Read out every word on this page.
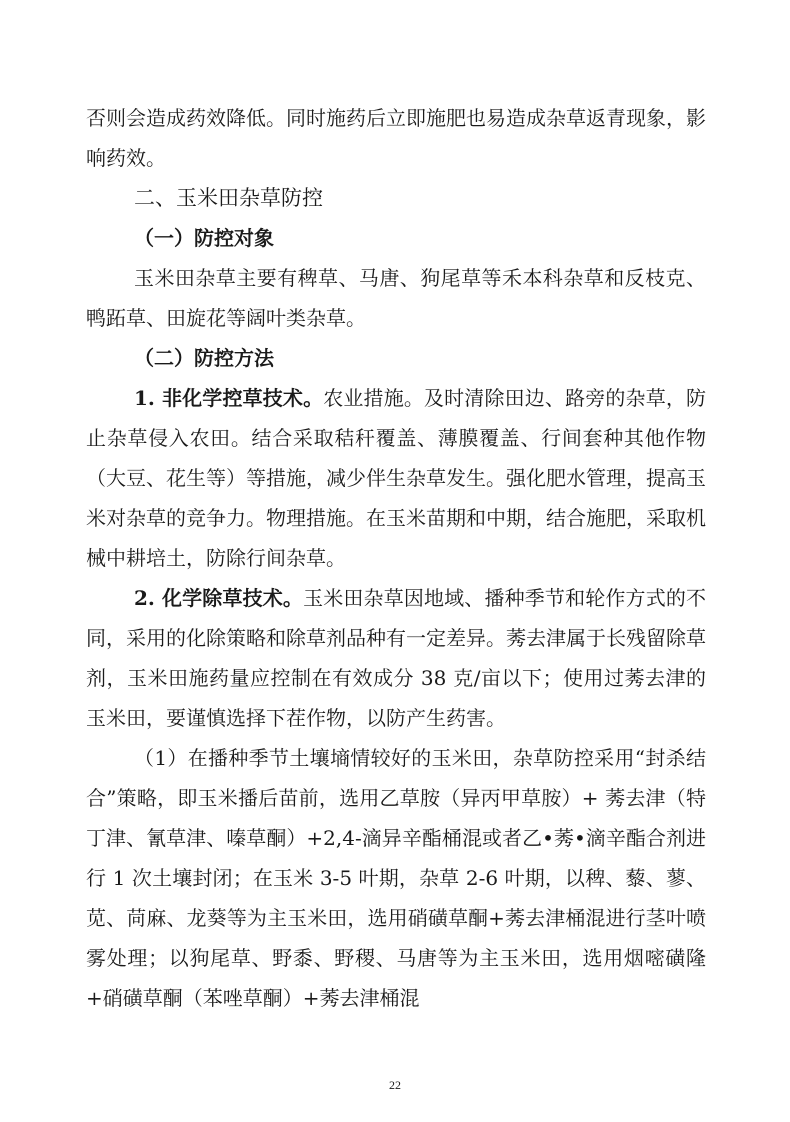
否则会造成药效降低。同时施药后立即施肥也易造成杂草返青现象，影响药效。

二、玉米田杂草防控

（一）防控对象

玉米田杂草主要有稗草、马唐、狗尾草等禾本科杂草和反枝克、鸭跖草、田旋花等阔叶类杂草。

（二）防控方法

1. 非化学控草技术。农业措施。及时清除田边、路旁的杂草，防止杂草侵入农田。结合采取秸秆覆盖、薄膜覆盖、行间套种其他作物（大豆、花生等）等措施，减少伴生杂草发生。强化肥水管理，提高玉米对杂草的竞争力。物理措施。在玉米苗期和中期，结合施肥，采取机械中耕培土，防除行间杂草。

2. 化学除草技术。玉米田杂草因地域、播种季节和轮作方式的不同，采用的化除策略和除草剂品种有一定差异。莠去津属于长残留除草剂，玉米田施药量应控制在有效成分 38 克/亩以下；使用过莠去津的玉米田，要谨慎选择下茬作物，以防产生药害。

（1）在播种季节土壤墒情较好的玉米田，杂草防控采用“封杀结合”策略，即玉米播后苗前，选用乙草胺（异丙甲草胺）+ 莠去津（特丁津、氰草津、嗪草酮）+2,4-滴异辛酯桶混或者乙•莠•滴辛酯合剂进行 1 次土壤封闭；在玉米 3-5 叶期，杂草 2-6 叶期，以稗、藜、蓼、苋、苘麻、龙葵等为主玉米田，选用硝磺草酮+莠去津桶混进行茎叶喷雾处理；以狗尾草、野黍、野稷、马唐等为主玉米田，选用烟嘧磺隆+硝磺草酮（苯唑草酮）+莠去津桶混

22
